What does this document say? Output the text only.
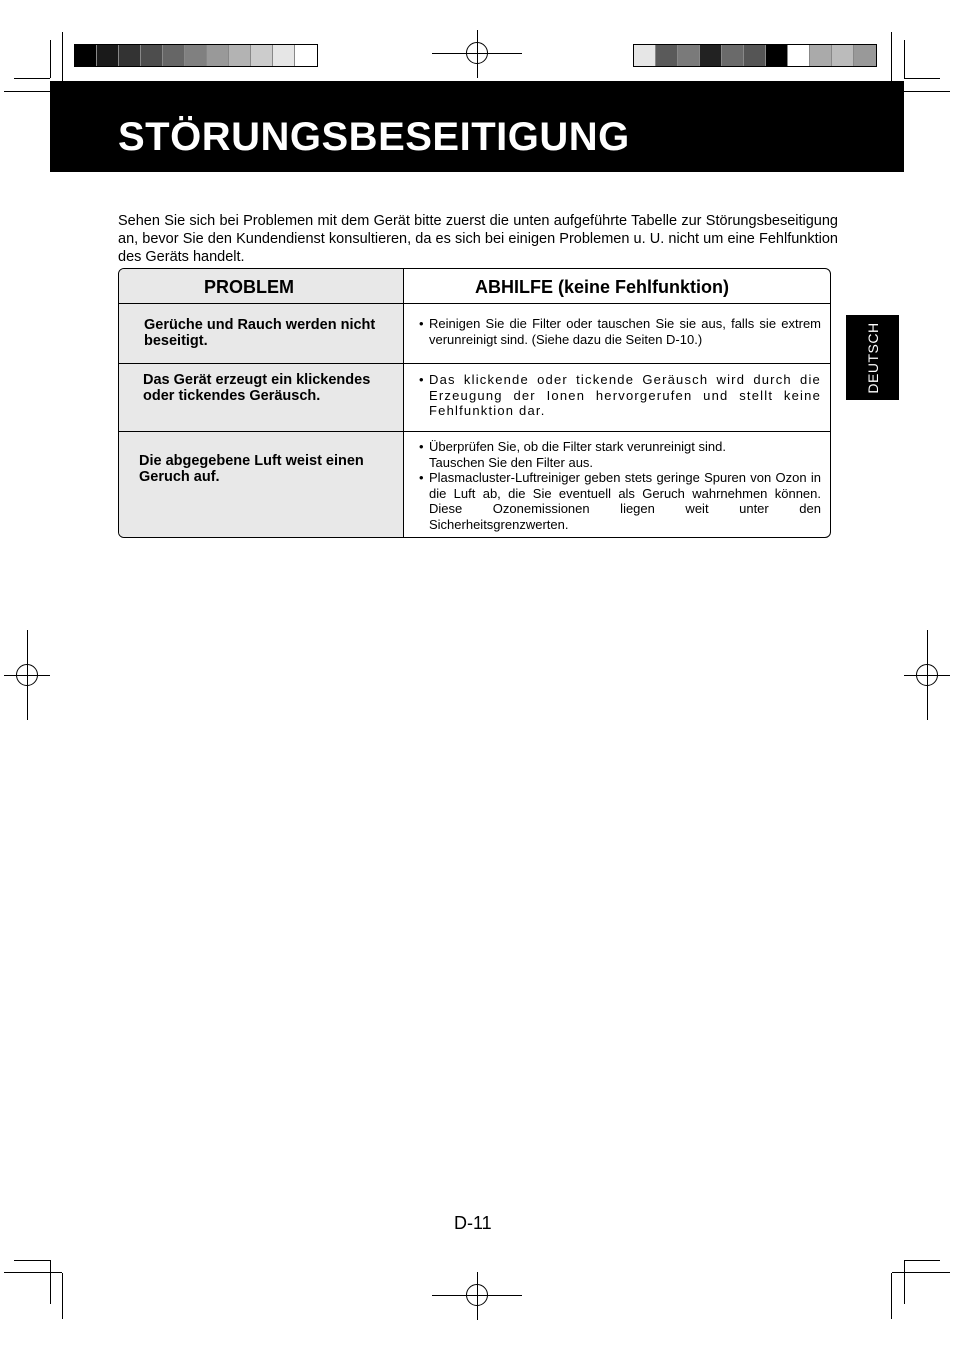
STÖRUNGSBESEITIGUNG
Sehen Sie sich bei Problemen mit dem Gerät bitte zuerst die unten aufgeführte Tabelle zur Störungsbeseitigung an, bevor Sie den Kundendienst konsultieren, da es sich bei einigen Problemen u. U. nicht um eine Fehlfunktion des Geräts handelt.
PROBLEM	ABHILFE (keine Fehlfunktion)
Gerüche und Rauch werden nicht beseitigt.
• Reinigen Sie die Filter oder tauschen Sie sie aus, falls sie extrem verunreinigt sind. (Siehe dazu die Seiten D-10.)
Das Gerät erzeugt ein klickendes oder tickendes Geräusch.
• Das klickende oder tickende Geräusch wird durch die Erzeugung der Ionen hervorgerufen und stellt keine Fehlfunktion dar.
Die abgegebene Luft weist einen Geruch auf.
• Überprüfen Sie, ob die Filter stark verunreinigt sind. Tauschen Sie den Filter aus.
• Plasmacluster-Luftreiniger geben stets geringe Spuren von Ozon in die Luft ab, die Sie eventuell als Geruch wahrnehmen können. Diese Ozonemissionen liegen weit unter den Sicherheitsgrenzwerten.
DEUTSCH
D-11
